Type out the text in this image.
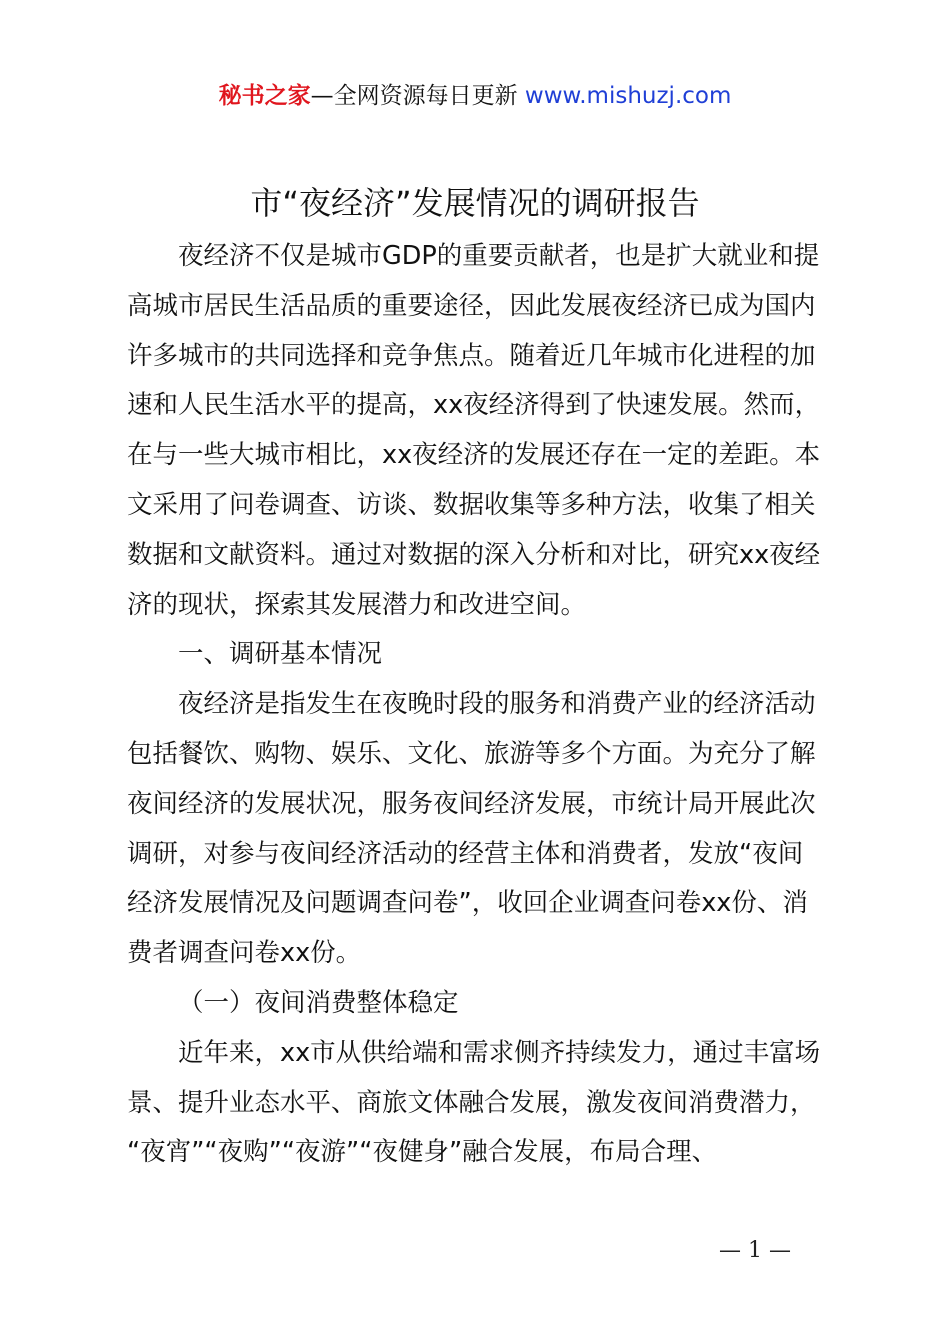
秘书之家—全网资源每日更新 www.mishuzj.com
市“夜经济”发展情况的调研报告
夜经济不仅是城市GDP的重要贡献者，也是扩大就业和提
高城市居民生活品质的重要途径，因此发展夜经济已成为国内
许多城市的共同选择和竞争焦点。随着近几年城市化进程的加
速和人民生活水平的提高，xx夜经济得到了快速发展。然而，
在与一些大城市相比，xx夜经济的发展还存在一定的差距。本
文采用了问卷调查、访谈、数据收集等多种方法，收集了相关
数据和文献资料。通过对数据的深入分析和对比，研究xx夜经
济的现状，探索其发展潜力和改进空间。
一、调研基本情况
夜经济是指发生在夜晚时段的服务和消费产业的经济活动
包括餐饮、购物、娱乐、文化、旅游等多个方面。为充分了解
夜间经济的发展状况，服务夜间经济发展，市统计局开展此次
调研，对参与夜间经济活动的经营主体和消费者，发放“夜间
经济发展情况及问题调查问卷”，收回企业调查问卷xx份、消
费者调查问卷xx份。
（一）夜间消费整体稳定
近年来，xx市从供给端和需求侧齐持续发力，通过丰富场
景、提升业态水平、商旅文体融合发展，激发夜间消费潜力，
“夜宵”“夜购”“夜游”“夜健身”融合发展，布局合理、
— 1 —
